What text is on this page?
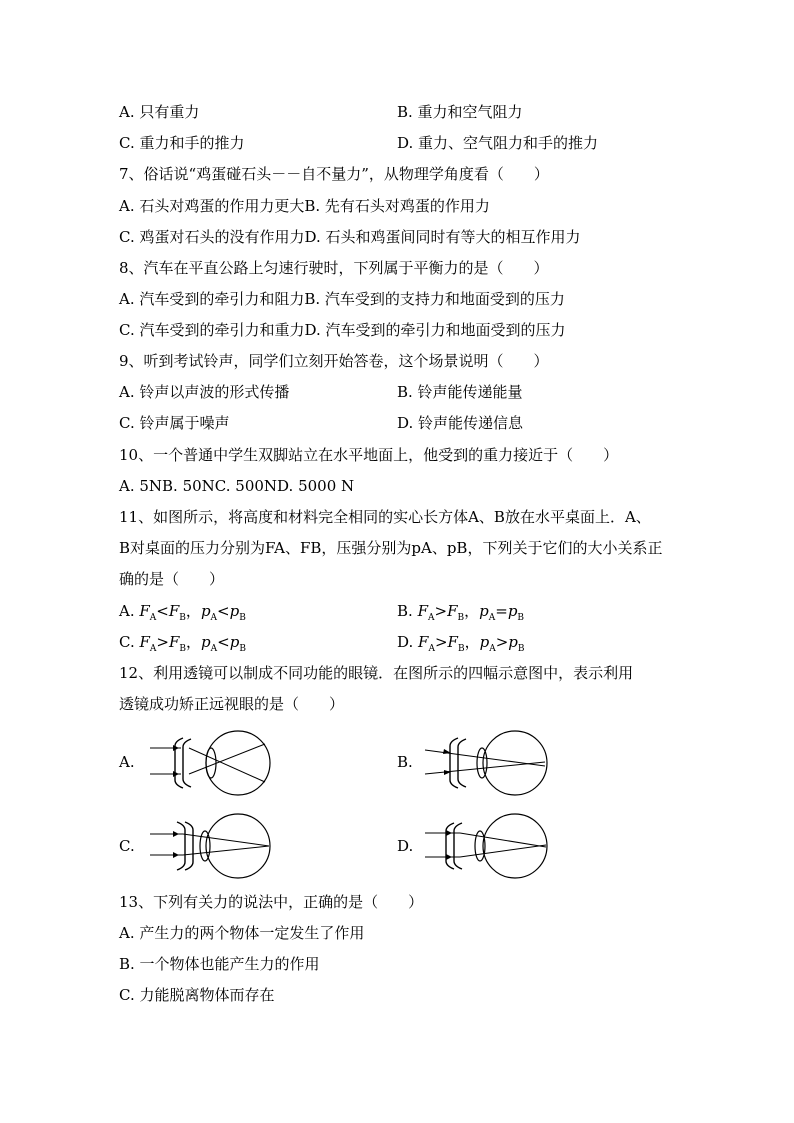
A. 只有重力	B. 重力和空气阻力
C. 重力和手的推力	D. 重力、空气阻力和手的推力
7、俗话说“鸡蛋碰石头－－自不量力”，从物理学角度看（　　）
A. 石头对鸡蛋的作用力更大B. 先有石头对鸡蛋的作用力
C. 鸡蛋对石头的没有作用力D. 石头和鸡蛋间同时有等大的相互作用力
8、汽车在平直公路上匀速行驶时，下列属于平衡力的是（　　）
A. 汽车受到的牵引力和阻力B. 汽车受到的支持力和地面受到的压力
C. 汽车受到的牵引力和重力D. 汽车受到的牵引力和地面受到的压力
9、听到考试铃声，同学们立刻开始答卷，这个场景说明（　　）
A. 铃声以声波的形式传播	B. 铃声能传递能量
C. 铃声属于噪声	D. 铃声能传递信息
10、一个普通中学生双脚站立在水平地面上，他受到的重力接近于（　　）
A. 5NB. 50NC. 500ND. 5000 N
11、如图所示，将高度和材料完全相同的实心长方体A、B放在水平桌面上．A、
B对桌面的压力分别为FA、FB，压强分别为pA、pB，下列关于它们的大小关系正
确的是（　　）
A. $F_A<F_B$，$p_A<p_B$	B. $F_A>F_B$，$p_A=p_B$
C. $F_A>F_B$，$p_A<p_B$	D. $F_A>F_B$，$p_A>p_B$
12、利用透镜可以制成不同功能的眼镜．在图所示的四幅示意图中，表示利用
透镜成功矫正远视眼的是（　　）
A.	B.
C.	D.
13、下列有关力的说法中，正确的是（　　）
A. 产生力的两个物体一定发生了作用
B. 一个物体也能产生力的作用
C. 力能脱离物体而存在
